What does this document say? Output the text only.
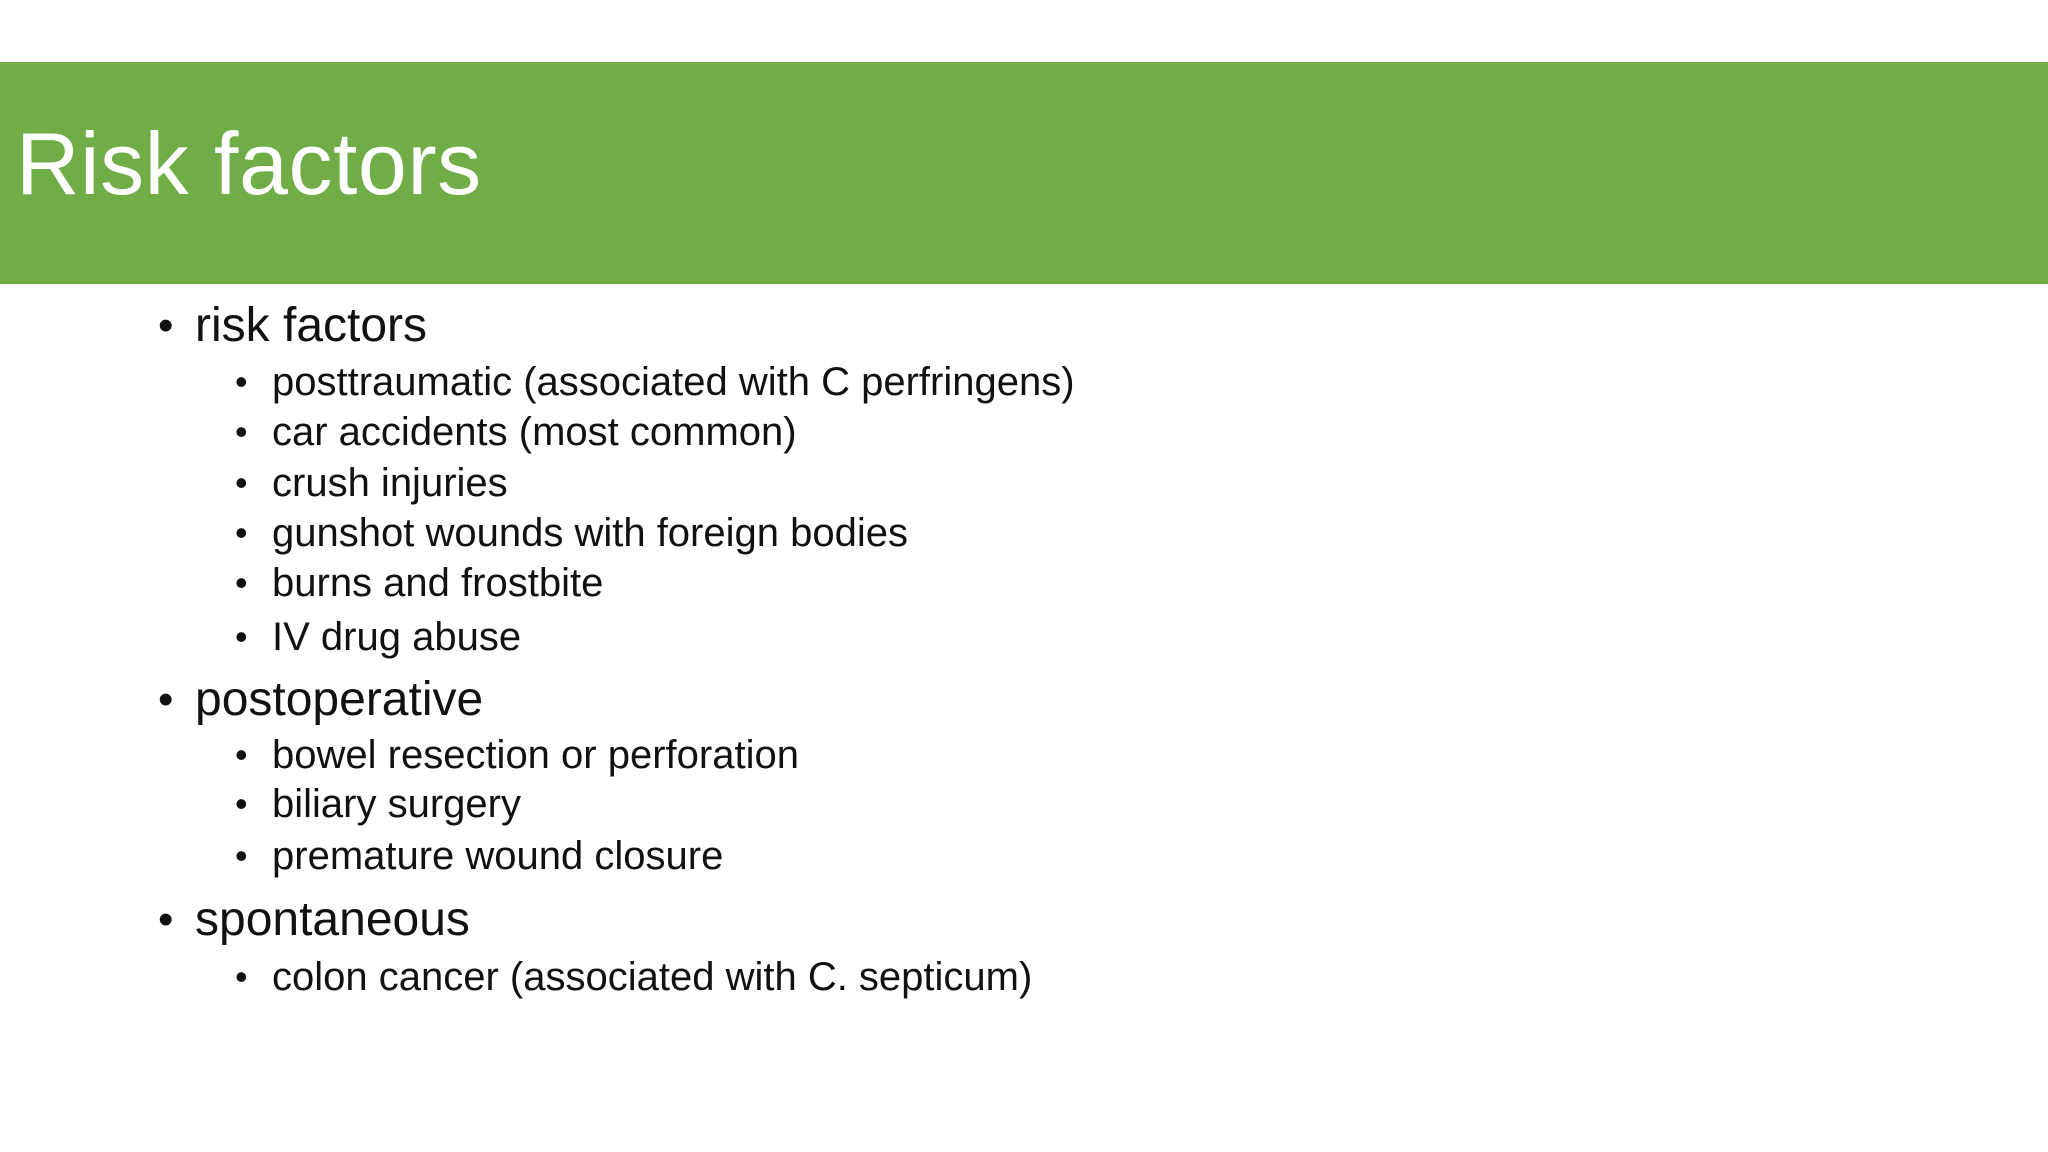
Risk factors
• risk factors
• posttraumatic (associated with C perfringens)
• car accidents (most common)
• crush injuries
• gunshot wounds with foreign bodies
• burns and frostbite
• IV drug abuse
• postoperative
• bowel resection or perforation
• biliary surgery
• premature wound closure
• spontaneous
• colon cancer (associated with C. septicum)
